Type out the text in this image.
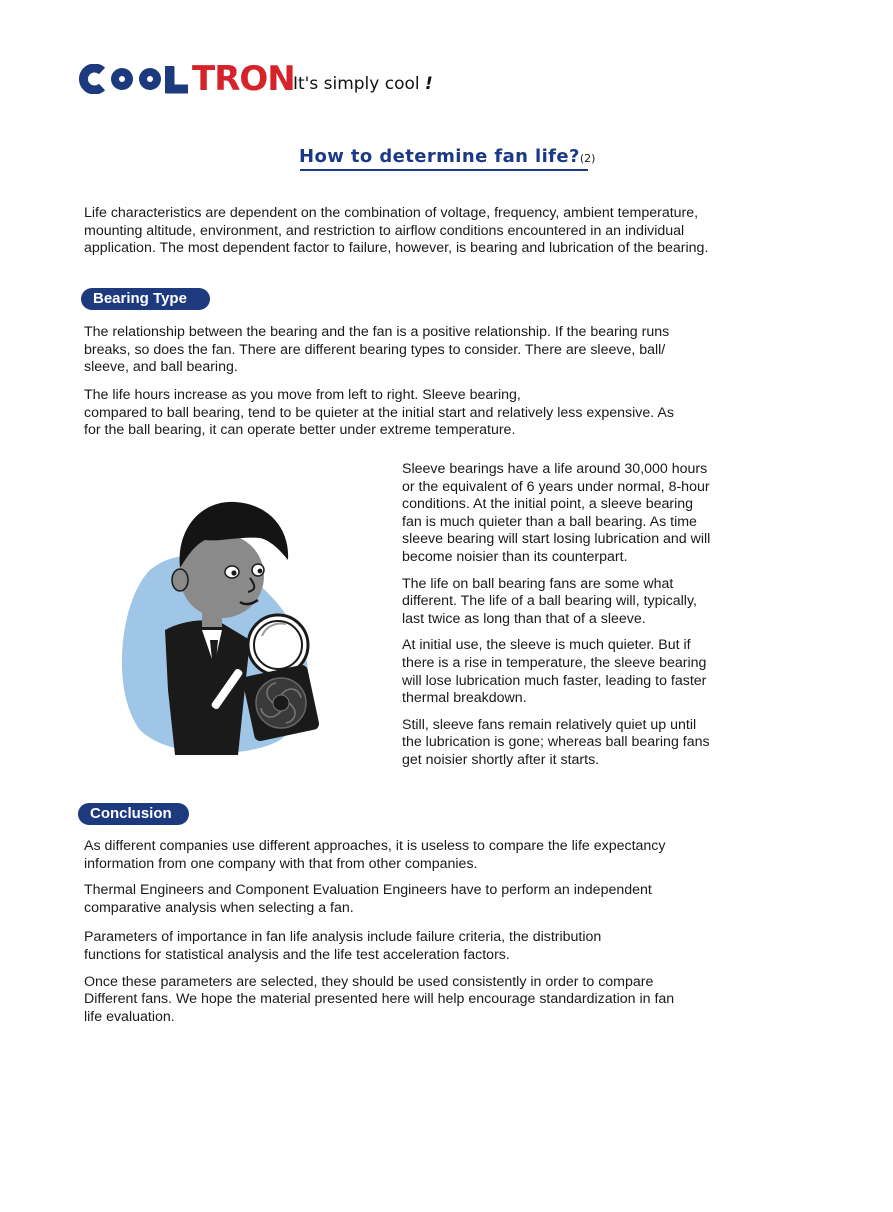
TRON
It's simply cool !
How to determine fan life?(2)

Life characteristics are dependent on the combination of voltage, frequency, ambient temperature,

mounting altitude, environment, and restriction to airflow conditions encountered in an individual

application. The most dependent factor to failure, however, is bearing and lubrication of the bearing.

Bearing Type

The relationship between the bearing and the fan is a positive relationship. If the bearing runs

breaks, so does the fan. There are different bearing types to consider. There are sleeve, ball/

sleeve, and ball bearing.

The life hours increase as you move from left to right. Sleeve bearing,

compared to ball bearing, tend to be quieter at the initial start and relatively less expensive. As

for the ball bearing, it can operate better under extreme temperature.

Sleeve bearings have a life around 30,000 hours

or the equivalent of 6 years under normal, 8-hour

conditions. At the initial point, a sleeve bearing

fan is much quieter than a ball bearing. As time

sleeve bearing will start losing lubrication and will

become noisier than its counterpart.

The life on ball bearing fans are some what

different. The life of a ball bearing will, typically,

last twice as long than that of a sleeve.

At initial use, the sleeve is much quieter. But if

there is a rise in temperature, the sleeve bearing

will lose lubrication much faster, leading to faster

thermal breakdown.

Still, sleeve fans remain relatively quiet up until

the lubrication is gone; whereas ball bearing fans

get noisier shortly after it starts.

Conclusion

As different companies use different approaches, it is useless to compare the life expectancy

information from one company with that from other companies.

Thermal Engineers and Component Evaluation Engineers have to perform an independent

comparative analysis when selecting a fan.

Parameters of importance in fan life analysis include failure criteria, the distribution

functions for statistical analysis and the life test acceleration factors.

Once these parameters are selected, they should be used consistently in order to compare

Different fans. We hope the material presented here will help encourage standardization in fan

life evaluation.
